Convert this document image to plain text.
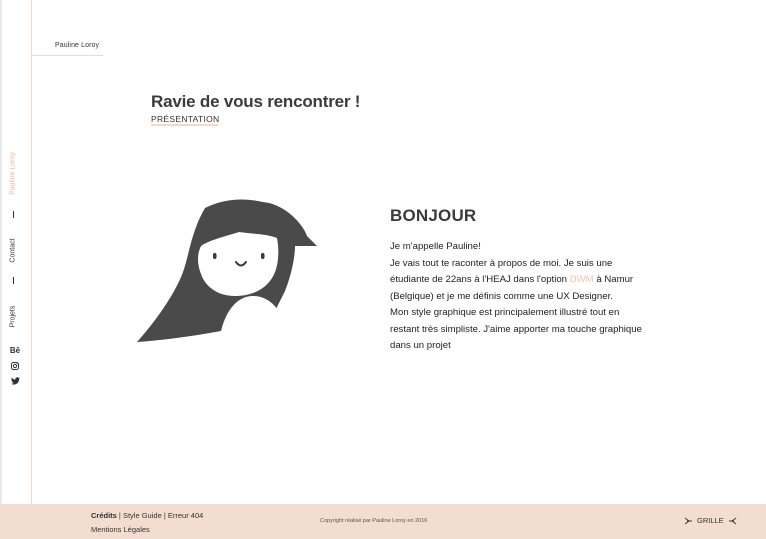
Pauline Loroy
Pauline Loroy
Contact
Projets
Bē
Ravie de vous rencontrer !
PRÉSENTATION
BONJOUR
Je m'appelle Pauline!
Je vais tout te raconter à propos de moi. Je suis une
étudiante de 22ans à l'HEAJ dans l'option DWM à Namur
(Belgique) et je me définis comme une UX Designer.
Mon style graphique est principalement illustré tout en
restant très simpliste. J'aime apporter ma touche graphique
dans un projet
Crédits | Style Guide | Erreur 404
Mentions Légales
Copyright réalisé par Pauline Loroy en 2016	GRILLE
